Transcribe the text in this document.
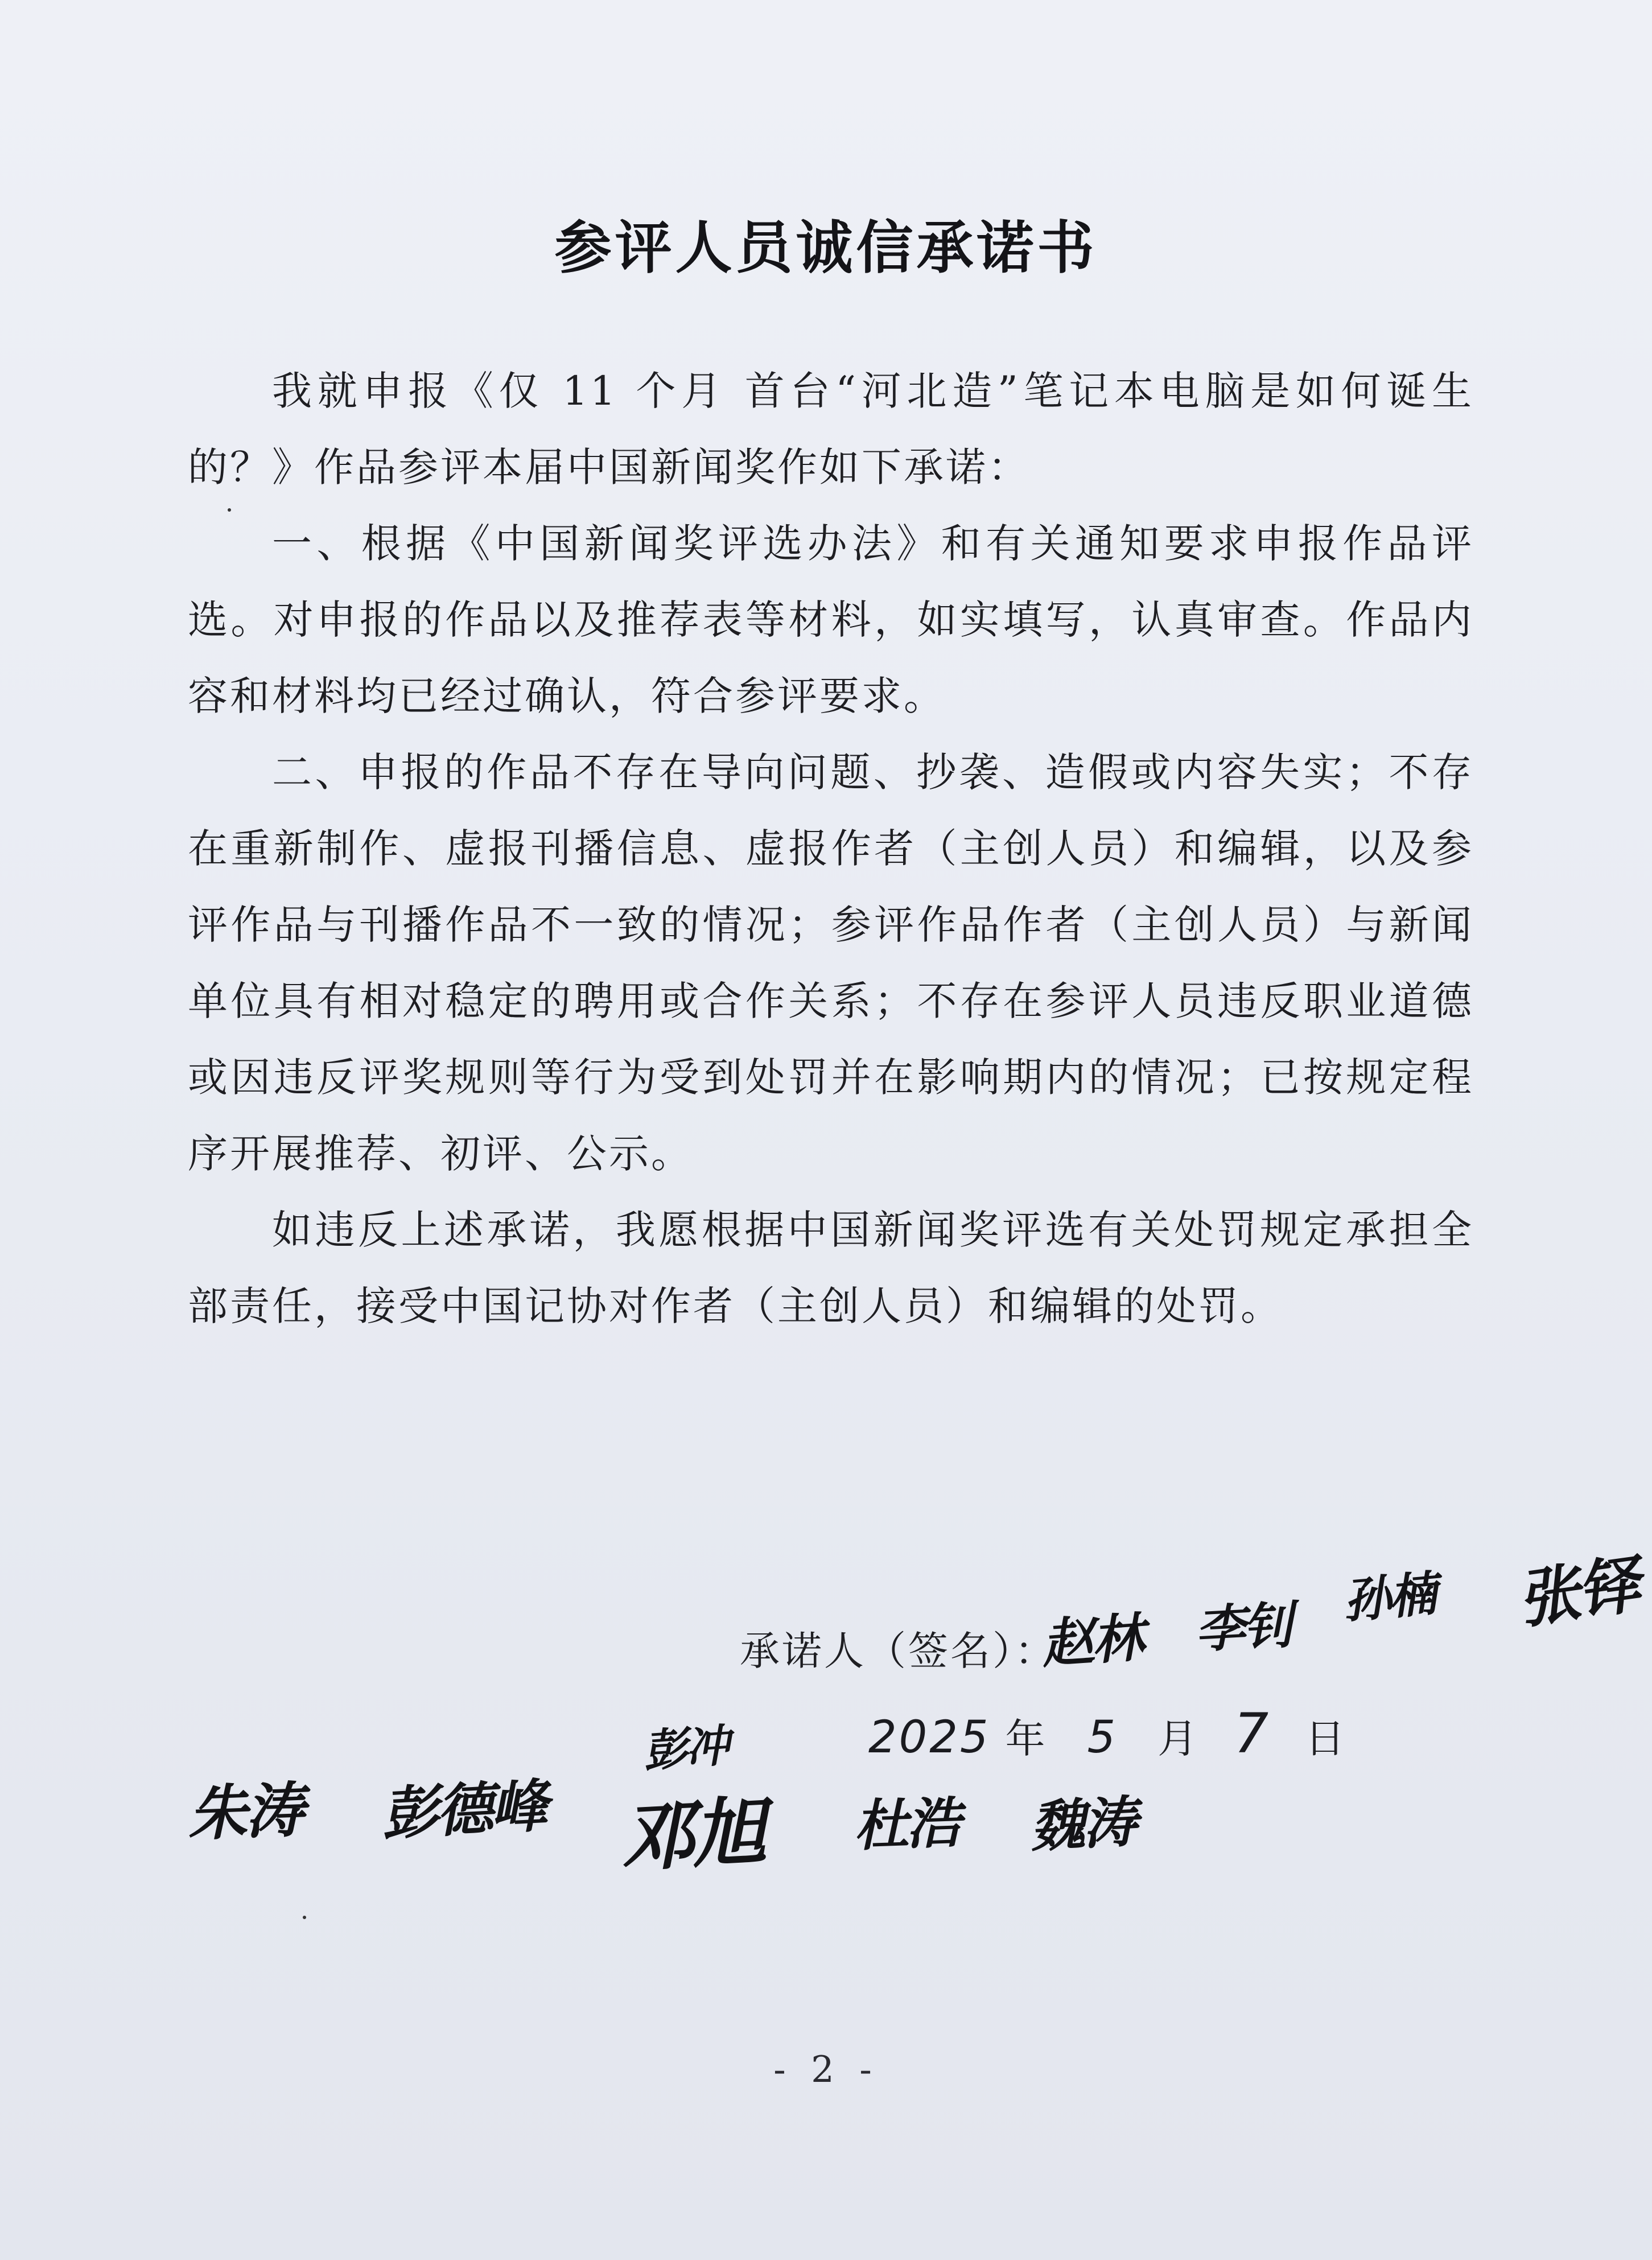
参评人员诚信承诺书

我就申报《仅 11 个月 首台“河北造”笔记本电脑是如何诞生的？》作品参评本届中国新闻奖作如下承诺：

一、根据《中国新闻奖评选办法》和有关通知要求申报作品评选。对申报的作品以及推荐表等材料，如实填写，认真审查。作品内容和材料均已经过确认，符合参评要求。

二、申报的作品不存在导向问题、抄袭、造假或内容失实；不存在重新制作、虚报刊播信息、虚报作者（主创人员）和编辑，以及参评作品与刊播作品不一致的情况；参评作品作者（主创人员）与新闻单位具有相对稳定的聘用或合作关系；不存在参评人员违反职业道德或因违反评奖规则等行为受到处罚并在影响期内的情况；已按规定程序开展推荐、初评、公示。

如违反上述承诺，我愿根据中国新闻奖评选有关处罚规定承担全部责任，接受中国记协对作者（主创人员）和编辑的处罚。

承诺人（签名）：
赵林 李钊 孙楠 张铎
2025 年 5 月 7 日
朱涛 彭德峰
彭冲
邓旭 杜浩 魏涛
- 2 -
